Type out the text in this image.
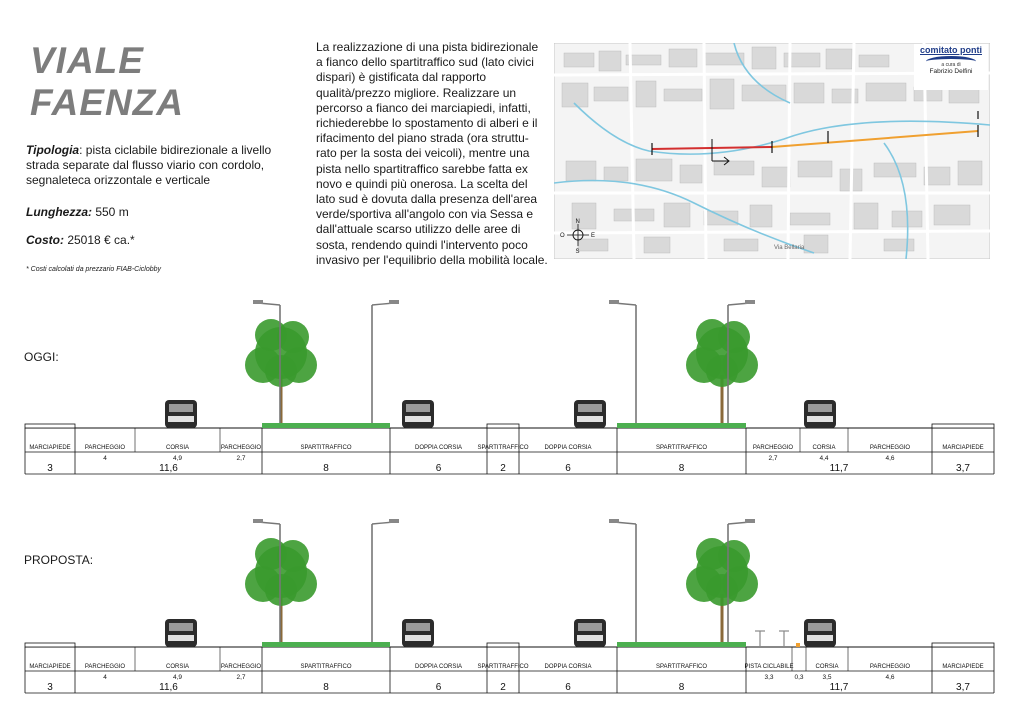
VIALE
FAENZA
Tipologia: pista ciclabile bidirezionale a livello strada separate dal flusso viario con cordolo, segnaleteca orizzontale e verticale
Lunghezza: 550 m
Costo: 25018 € ca.*
* Costi calcolati da prezzario FIAB-Ciclobby
La realizzazione di una pista bidirezionale a fianco dello spartitraffico sud (lato civici dispari) è gistificata dal rapporto qualità/prezzo migliore. Realizzare un percorso a fianco dei marciapiedi, infatti, richiederebbe lo spostamento di alberi e il rifacimento del piano strada (ora struttu-rato per la sosta dei veicoli), mentre una pista nello spartitraffico sarebbe fatta ex novo e quindi più onerosa. La scelta del lato sud è dovuta dalla presenza dell'area verde/sportiva all'angolo con via Sessa e dall'attuale scarso utilizzo delle aree di sosta, rendendo quindi l'intervento poco invasivo per l'equilibrio della mobilità locale.
N
S
E
O
Via Bellaria
comitato ponti
a cura di
Fabrizio Delfini
OGGI:
MARCIAPIEDE
3	11,6
SPARTITRAFFICO
8
DOPPIA CORSIA
6
SPARTITRAFFICO
2
DOPPIA CORSIA
6
SPARTITRAFFICO
8	11,7
MARCIAPIEDE
3,7
PARCHEGGIO
4
CORSIA
4,9
PARCHEGGIO
2,7
PARCHEGGIO
2,7
CORSIA
4,4
PARCHEGGIO
4,6
PROPOSTA:
MARCIAPIEDE
3	11,6
SPARTITRAFFICO
8
DOPPIA CORSIA
6
SPARTITRAFFICO
2
DOPPIA CORSIA
6
SPARTITRAFFICO
8	11,7
MARCIAPIEDE
3,7
PARCHEGGIO
4
CORSIA
4,9
PARCHEGGIO
2,7
PISTA CICLABILE
3,3	0,3
CORSIA
3,5
PARCHEGGIO
4,6
